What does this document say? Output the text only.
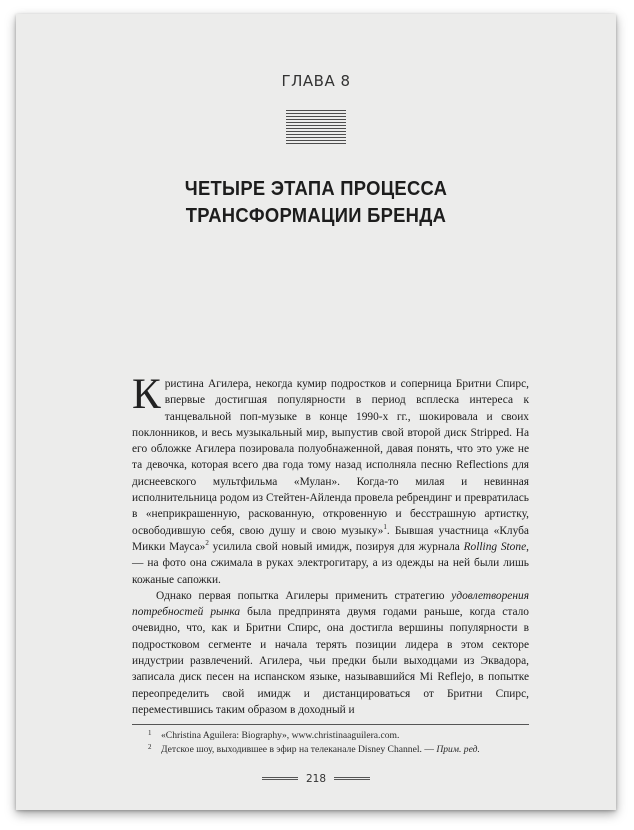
ГЛАВА 8
ЧЕТЫРЕ ЭТАПА ПРОЦЕССА
ТРАНСФОРМАЦИИ БРЕНДА

Кристина Агилера, некогда кумир подростков и соперница Бритни Спирс, впервые достигшая популярности в период всплеска интереса к танцевальной поп-музыке в конце 1990-х гг., шокировала и своих поклонников, и весь музыкальный мир, выпустив свой второй диск Stripped. На его обложке Агилера позировала полуобнаженной, давая понять, что это уже не та девочка, которая всего два года тому назад исполняла песню Reflections для диснеевского мультфильма «Мулан». Когда-то милая и невинная исполнительница родом из Стейтен-Айленда провела ребрендинг и превратилась в «неприкрашенную, раскованную, откровенную и бесстрашную артистку, освободившую себя, свою душу и свою музыку»$^1$. Бывшая участница «Клуба Микки Мауса»$^2$ усилила свой новый имидж, позируя для журнала Rolling Stone, — на фото она сжимала в руках электрогитару, а из одежды на ней были лишь кожаные сапожки.

Однако первая попытка Агилеры применить стратегию удовлетворения потребностей рынка была предпринята двумя годами раньше, когда стало очевидно, что, как и Бритни Спирс, она достигла вершины популярности в подростковом сегменте и начала терять позиции лидера в этом секторе индустрии развлечений. Агилера, чьи предки были выходцами из Эквадора, записала диск песен на испанском языке, называвшийся Mi Reflejo, в попытке переопределить свой имидж и дистанцироваться от Бритни Спирс, переместившись таким образом в доходный и

1 «Christina Aguilera: Biography», www.christinaaguilera.com.
2 Детское шоу, выходившее в эфир на телеканале Disney Channel. — Прим. ред.
218
